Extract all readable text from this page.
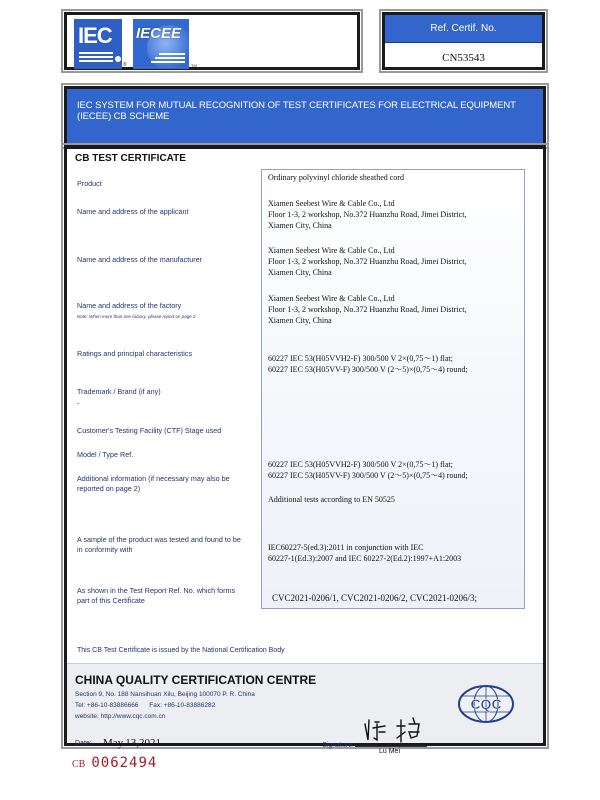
IEC
®
IECEE
TM
Ref. Certif. No.
CN53543
IEC SYSTEM FOR MUTUAL RECOGNITION OF TEST CERTIFICATES FOR ELECTRICAL EQUIPMENT
(IECEE) CB SCHEME
CB TEST CERTIFICATE
Product
Name and address of the applicant
Name and address of the manufacturer
Name and address of the factory
Note: When more than one factory, please report on page 2
Ratings and principal characteristics
Trademark / Brand (if any)
-
Customer's Testing Facility (CTF) Stage used
Model / Type Ref.
Additional information (if necessary may also be reported on page 2)
A sample of the product was tested and found to be in conformity with
As shown in the Test Report Ref. No. which forms part of this Certificate
Ordinary polyvinyl chloride sheathed cord
Xiamen Seebest Wire & Cable Co., Ltd
Floor 1-3, 2 workshop, No.372 Huanzhu Road, Jimei District,
Xiamen City, China
Xiamen Seebest Wire & Cable Co., Ltd
Floor 1-3, 2 workshop, No.372 Huanzhu Road, Jimei District,
Xiamen City, China
Xiamen Seebest Wire & Cable Co., Ltd
Floor 1-3, 2 workshop, No.372 Huanzhu Road, Jimei District,
Xiamen City, China
60227 IEC 53(H05VVH2-F) 300/500 V 2×(0,75～1) flat;
60227 IEC 53(H05VV-F) 300/500 V (2～5)×(0,75～4) round;
60227 IEC 53(H05VVH2-F) 300/500 V 2×(0,75～1) flat;
60227 IEC 53(H05VV-F) 300/500 V (2～5)×(0,75～4) round;
Additional tests according to EN 50525
IEC60227-5(ed.3):2011 in conjunction with IEC
60227-1(Ed.3):2007 and IEC 60227-2(Ed.2):1997+A1:2003
CVC2021-0206/1, CVC2021-0206/2, CVC2021-0206/3;
This CB Test Certificate is issued by the National Certification Body
CHINA QUALITY CERTIFICATION CENTRE
Section 9, No. 188 Nansihuan Xilu, Beijing 100070 P. R. China
Tel: +86-10-83886666      Fax: +86-10-83886282
website: http://www.cqc.com.cn
Date: May.13,2021	Signature:
Lu Mei
CQC
CB 0062494
